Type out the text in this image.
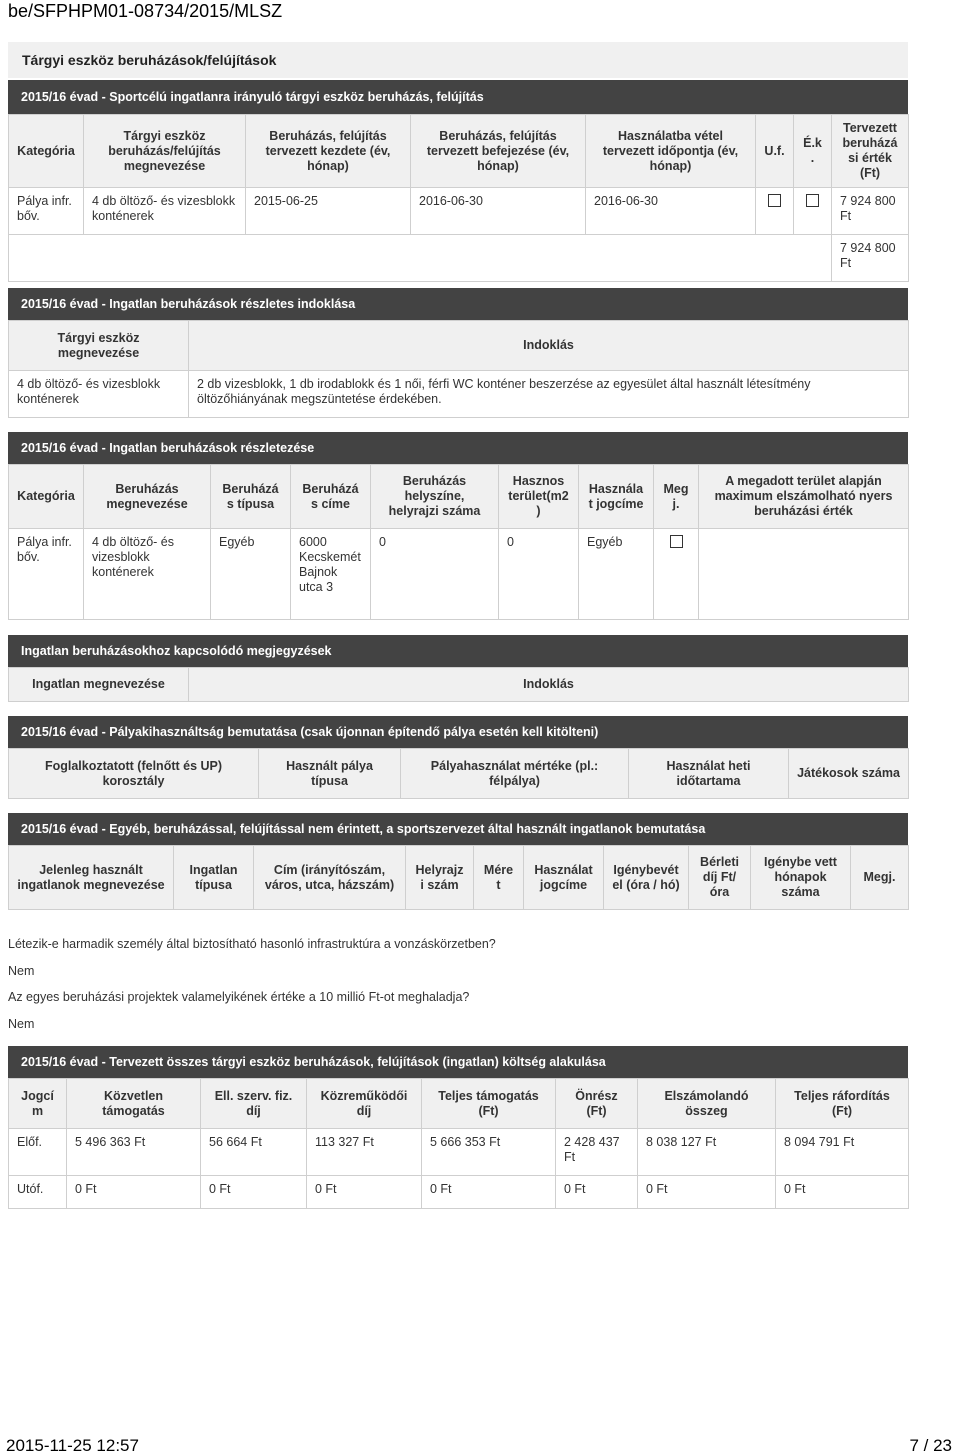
be/SFPHPM01-08734/2015/MLSZ
Tárgyi eszköz beruházások/felújítások
2015/16 évad - Sportcélú ingatlanra irányuló tárgyi eszköz beruházás, felújítás
Kategória	Tárgyi eszköz beruházás/felújítás megnevezése	Beruházás, felújítás tervezett kezdete (év, hónap)	Beruházás, felújítás tervezett befejezése (év, hónap)	Használatba vétel tervezett időpontja (év, hónap)	U.f.	É.k.	Tervezett beruházási érték (Ft)
Pálya infr. bőv.	4 db öltöző- és vizesblokk konténerek	2015-06-25	2016-06-30	2016-06-30			7 924 800 Ft
							7 924 800 Ft
2015/16 évad - Ingatlan beruházások részletes indoklása
Tárgyi eszköz megnevezése	Indoklás
4 db öltöző- és vizesblokk konténerek	2 db vizesblokk, 1 db irodablokk és 1 női, férfi WC konténer beszerzése az egyesület által használt létesítmény öltözőhiányának megszüntetése érdekében.
2015/16 évad - Ingatlan beruházások részletezése
Kategória	Beruházás megnevezése	Beruházás típusa	Beruházás címe	Beruházás helyszíne, helyrajzi száma	Hasznos terület(m2)	Használat jogcíme	Megj.	A megadott terület alapján maximum elszámolható nyers beruházási érték
Pálya infr. bőv.	4 db öltöző- és vizesblokk konténerek	Egyéb	6000 Kecskemét Bajnok utca 3	0	0	Egyéb		
Ingatlan beruházásokhoz kapcsolódó megjegyzések
Ingatlan megnevezése	Indoklás
2015/16 évad - Pályakihasználtság bemutatása (csak újonnan építendő pálya esetén kell kitölteni)
Foglalkoztatott (felnőtt és UP) korosztály	Használt pálya típusa	Pályahasználat mértéke (pl.: félpálya)	Használat heti időtartama	Játékosok száma
2015/16 évad - Egyéb, beruházással, felújítással nem érintett, a sportszervezet által használt ingatlanok bemutatása
Jelenleg használt ingatlanok megnevezése	Ingatlan típusa	Cím (irányítószám, város, utca, házszám)	Helyrajzi szám	Méret	Használat jogcíme	Igénybevétel (óra / hó)	Bérleti díj Ft/óra	Igénybe vett hónapok száma	Megj.
Létezik-e harmadik személy által biztosítható hasonló infrastruktúra a vonzáskörzetben?
Nem
Az egyes beruházási projektek valamelyikének értéke a 10 millió Ft-ot meghaladja?
Nem
2015/16 évad - Tervezett összes tárgyi eszköz beruházások, felújítások (ingatlan) költség alakulása
Jogcím	Közvetlen támogatás	Ell. szerv. fiz. díj	Közreműködői díj	Teljes támogatás (Ft)	Önrész (Ft)	Elszámolandó összeg	Teljes ráfordítás (Ft)
Előf.	5 496 363 Ft	56 664 Ft	113 327 Ft	5 666 353 Ft	2 428 437 Ft	8 038 127 Ft	8 094 791 Ft
Utóf.	0 Ft	0 Ft	0 Ft	0 Ft	0 Ft	0 Ft	0 Ft
2015-11-25 12:57	7 / 23
